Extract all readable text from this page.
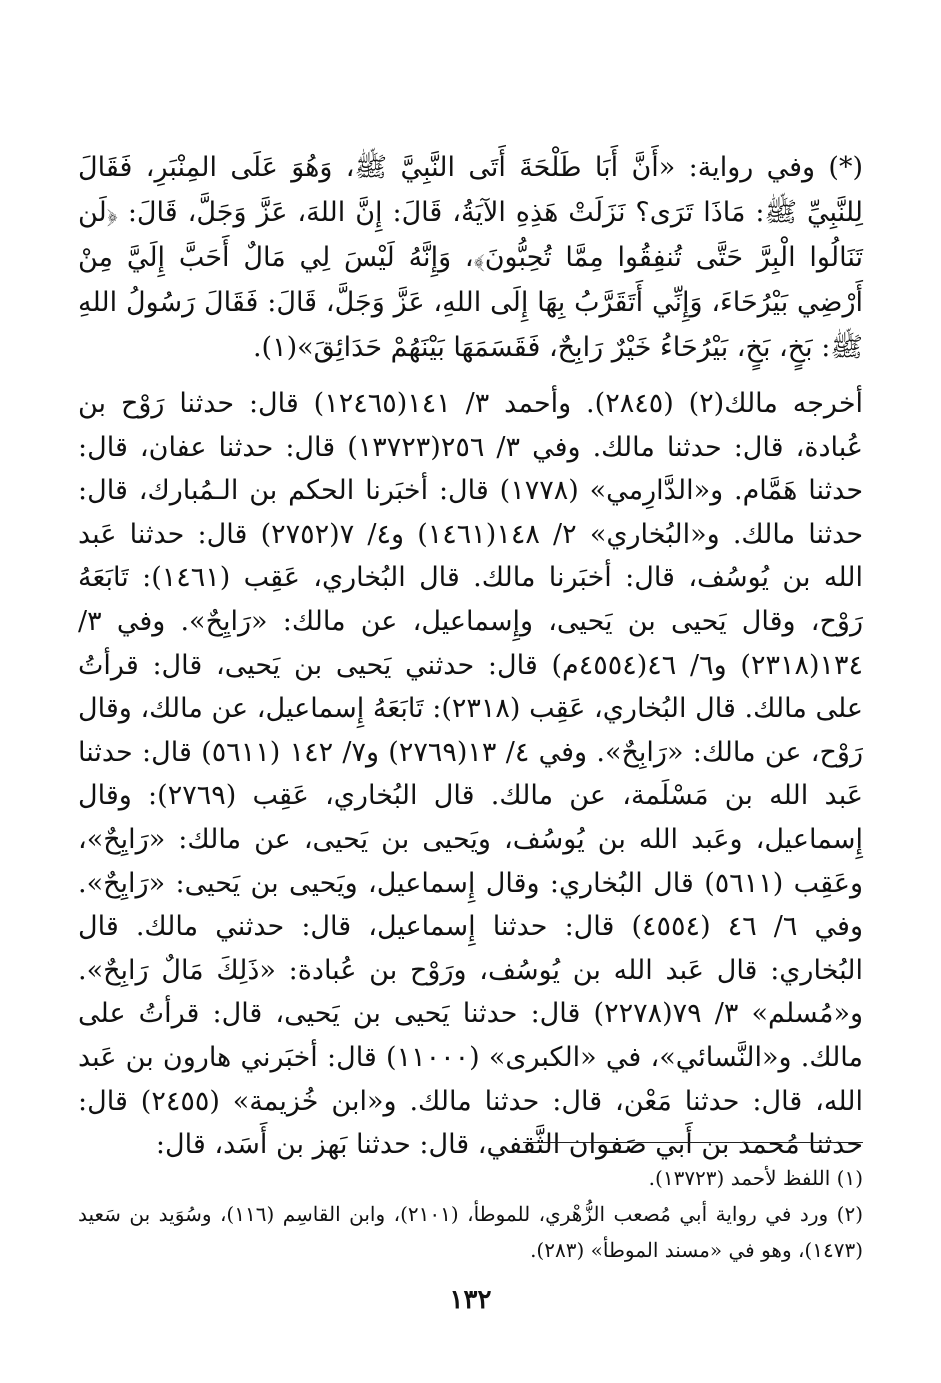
(*) وفي رواية: «أَنَّ أَبَا طَلْحَةَ أَتَى النَّبِيَّ ﷺ، وَهُوَ عَلَى المِنْبَرِ، فَقَالَ لِلنَّبِيِّ ﷺ: مَاذَا تَرَى؟ نَزَلَتْ هَذِهِ الآيَةُ، قَالَ: إِنَّ اللهَ، عَزَّ وَجَلَّ، قَالَ: ﴿لَن تَنَالُوا الْبِرَّ حَتَّى تُنفِقُوا مِمَّا تُحِبُّونَ﴾، وَإِنَّهُ لَيْسَ لِي مَالٌ أَحَبَّ إِلَيَّ مِنْ أَرْضِي بَيْرُحَاءَ، وَإِنِّي أَتَقَرَّبُ بِهَا إِلَى اللهِ، عَزَّ وَجَلَّ، قَالَ: فَقَالَ رَسُولُ اللهِ ﷺ: بَخٍ، بَخٍ، بَيْرُحَاءُ خَيْرٌ رَابِحٌ، فَقَسَمَهَا بَيْنَهُمْ حَدَائِقَ»(١).

أخرجه مالك(٢) (٢٨٤٥). وأحمد ٣/ ١٤١(١٢٤٦٥) قال: حدثنا رَوْح بن عُبادة، قال: حدثنا مالك. وفي ٣/ ٢٥٦(١٣٧٢٣) قال: حدثنا عفان، قال: حدثنا هَمَّام. و«الدَّارِمي» (١٧٧٨) قال: أخبَرنا الحكم بن الـمُبارك، قال: حدثنا مالك. و«البُخاري» ٢/ ١٤٨(١٤٦١) و٤/ ٧(٢٧٥٢) قال: حدثنا عَبد الله بن يُوسُف، قال: أخبَرنا مالك. قال البُخاري، عَقِب (١٤٦١): تَابَعَهُ رَوْح، وقال يَحيى بن يَحيى، وإِسماعيل، عن مالك: «رَايِحٌ». وفي ٣/ ١٣٤(٢٣١٨) و٦/ ٤٦(٤٥٥٤م) قال: حدثني يَحيى بن يَحيى، قال: قرأتُ على مالك. قال البُخاري، عَقِب (٢٣١٨): تَابَعَهُ إِسماعيل، عن مالك، وقال رَوْح، عن مالك: «رَابِحٌ». وفي ٤/ ١٣(٢٧٦٩) و٧/ ١٤٢ (٥٦١١) قال: حدثنا عَبد الله بن مَسْلَمة، عن مالك. قال البُخاري، عَقِب (٢٧٦٩): وقال إِسماعيل، وعَبد الله بن يُوسُف، ويَحيى بن يَحيى، عن مالك: «رَايِحٌ»، وعَقِب (٥٦١١) قال البُخاري: وقال إِسماعيل، ويَحيى بن يَحيى: «رَايِحٌ». وفي ٦/ ٤٦ (٤٥٥٤) قال: حدثنا إِسماعيل، قال: حدثني مالك. قال البُخاري: قال عَبد الله بن يُوسُف، ورَوْح بن عُبادة: «ذَلِكَ مَالٌ رَابِحٌ». و«مُسلم» ٣/ ٧٩(٢٢٧٨) قال: حدثنا يَحيى بن يَحيى، قال: قرأتُ على مالك. و«النَّسائي»، في «الكبرى» (١١٠٠٠) قال: أخبَرني هارون بن عَبد الله، قال: حدثنا مَعْن، قال: حدثنا مالك. و«ابن خُزيمة» (٢٤٥٥) قال: حدثنا مُحمد بن أَبي صَفوان الثَّقفي، قال: حدثنا بَهز بن أَسَد، قال:

(١) اللفظ لأحمد (١٣٧٢٣).

(٢) ورد في رواية أبي مُصعب الزُّهْري، للموطأ، (٢١٠١)، وابن القاسِم (١١٦)، وسُوَيد بن سَعيد (١٤٧٣)، وهو في «مسند الموطأ» (٢٨٣).

١٣٢
